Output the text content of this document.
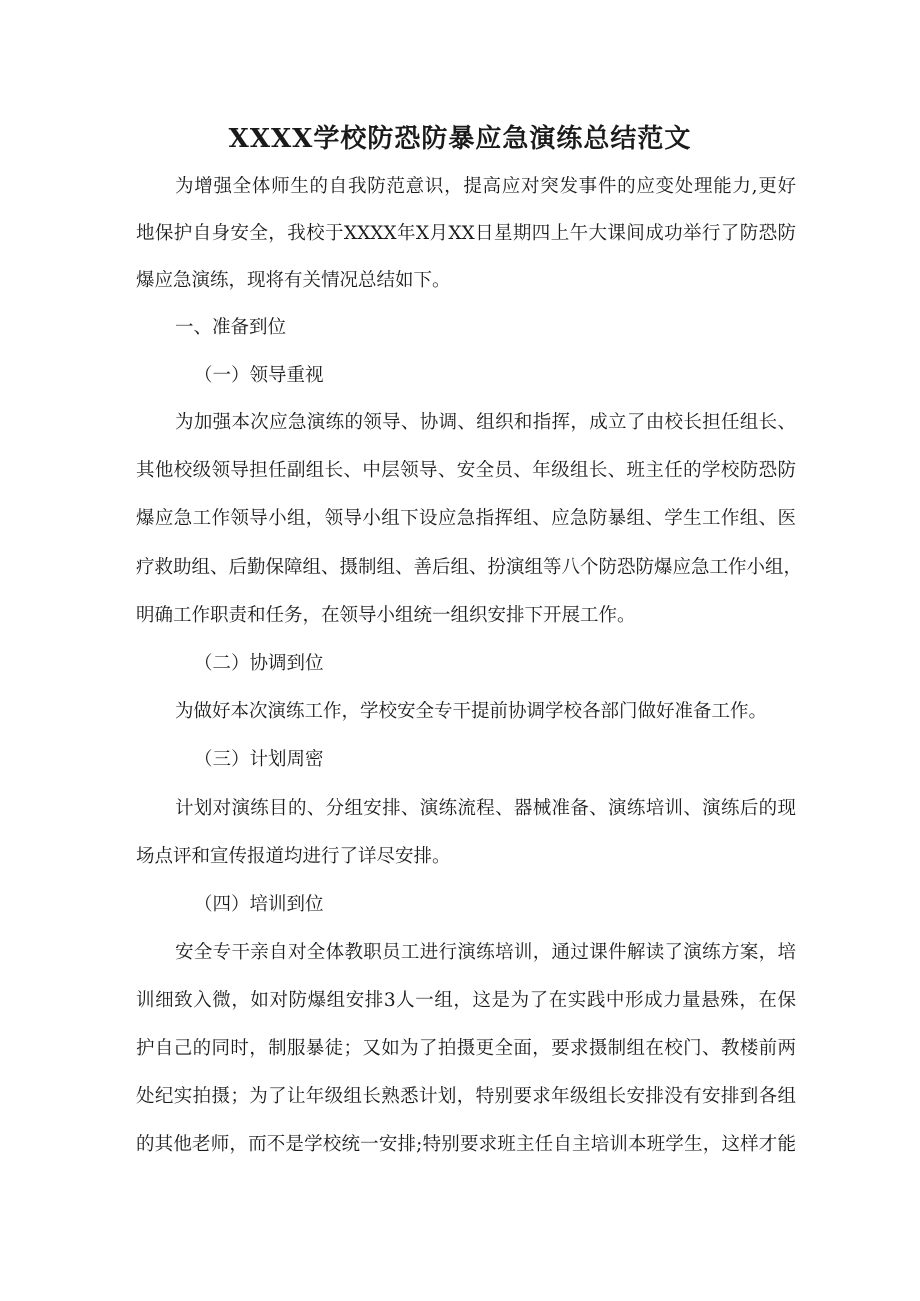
XXXX学校防恐防暴应急演练总结范文

为增强全体师生的自我防范意识，提高应对突发事件的应变处理能力,更好

地保护自身安全，我校于XXXX年X月XX日星期四上午大课间成功举行了防恐防

爆应急演练，现将有关情况总结如下。

一、准备到位

（一）领导重视

为加强本次应急演练的领导、协调、组织和指挥，成立了由校长担任组长、

其他校级领导担任副组长、中层领导、安全员、年级组长、班主任的学校防恐防

爆应急工作领导小组，领导小组下设应急指挥组、应急防暴组、学生工作组、医

疗救助组、后勤保障组、摄制组、善后组、扮演组等八个防恐防爆应急工作小组，

明确工作职责和任务，在领导小组统一组织安排下开展工作。

（二）协调到位

为做好本次演练工作，学校安全专干提前协调学校各部门做好准备工作。

（三）计划周密

计划对演练目的、分组安排、演练流程、器械准备、演练培训、演练后的现

场点评和宣传报道均进行了详尽安排。

（四）培训到位

安全专干亲自对全体教职员工进行演练培训，通过课件解读了演练方案，培

训细致入微，如对防爆组安排3人一组，这是为了在实践中形成力量悬殊，在保

护自己的同时，制服暴徒；又如为了拍摄更全面，要求摄制组在校门、教楼前两

处纪实拍摄；为了让年级组长熟悉计划，特别要求年级组长安排没有安排到各组

的其他老师，而不是学校统一安排;特别要求班主任自主培训本班学生，这样才能
